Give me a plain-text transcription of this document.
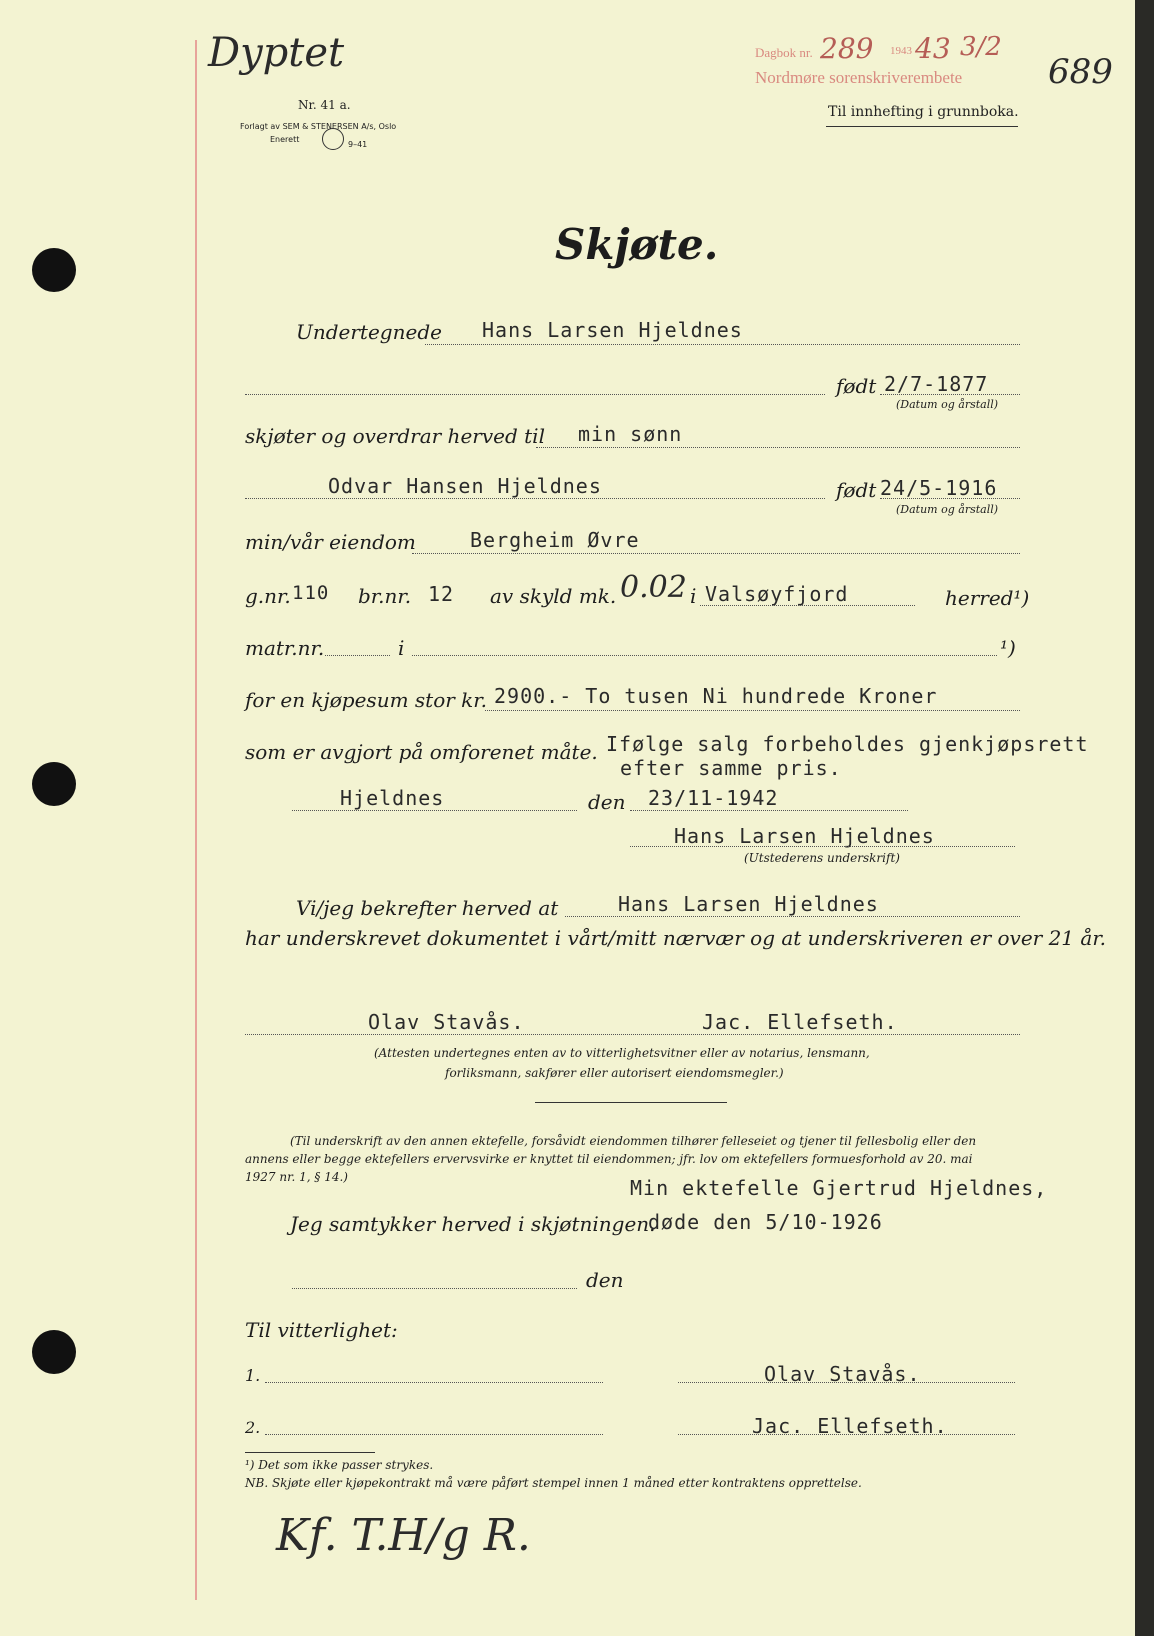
Dyptet
Nr. 41 a.
Forlagt av SEM & STENERSEN A/s, Oslo
Enerett
9–41
Dagbok nr. 289 1943 43 3/2
Nordmøre sorenskriverembete
Til innhefting i grunnboka.
689
Skjøte.
Undertegnede Hans Larsen Hjeldnes
født 2/7-1877
(Datum og årstall)
skjøter og overdrar herved til min sønn
Odvar Hansen Hjeldnes	født 24/5-1916
(Datum og årstall)
min/vår eiendom	Bergheim Øvre
g.nr. 110 br.nr. 12 av skyld mk. 0.02 i Valsøyfjord	herred¹)
matr.nr.	i	¹)
for en kjøpesum stor kr. 2900.- To tusen Ni hundrede Kroner
som er avgjort på omforenet måte. Ifølge salg forbeholdes gjenkjøpsrett
efter samme pris.
Hjeldnes	den 23/11-1942
Hans Larsen Hjeldnes
(Utstederens underskrift)
Vi/jeg bekrefter herved at	Hans Larsen Hjeldnes
har underskrevet dokumentet i vårt/mitt nærvær og at underskriveren er over 21 år.
Olav Stavås.	Jac. Ellefseth.
(Attesten undertegnes enten av to vitterlighetsvitner eller av notarius, lensmann,
forliksmann, sakfører eller autorisert eiendomsmegler.)
(Til underskrift av den annen ektefelle, forsåvidt eiendommen tilhører felleseiet og tjener til fellesbolig eller den
annens eller begge ektefellers ervervsvirke er knyttet til eiendommen; jfr. lov om ektefellers formuesforhold av 20. mai
1927 nr. 1, § 14.)	Min ektefelle Gjertrud Hjeldnes,
Jeg samtykker herved i skjøtningen.
døde den 5/10-1926
den
Til vitterlighet:
1.	Olav Stavås.
2.	Jac. Ellefseth.
¹) Det som ikke passer strykes.
NB. Skjøte eller kjøpekontrakt må være påført stempel innen 1 måned etter kontraktens opprettelse.
Kf. T.H/g R.
